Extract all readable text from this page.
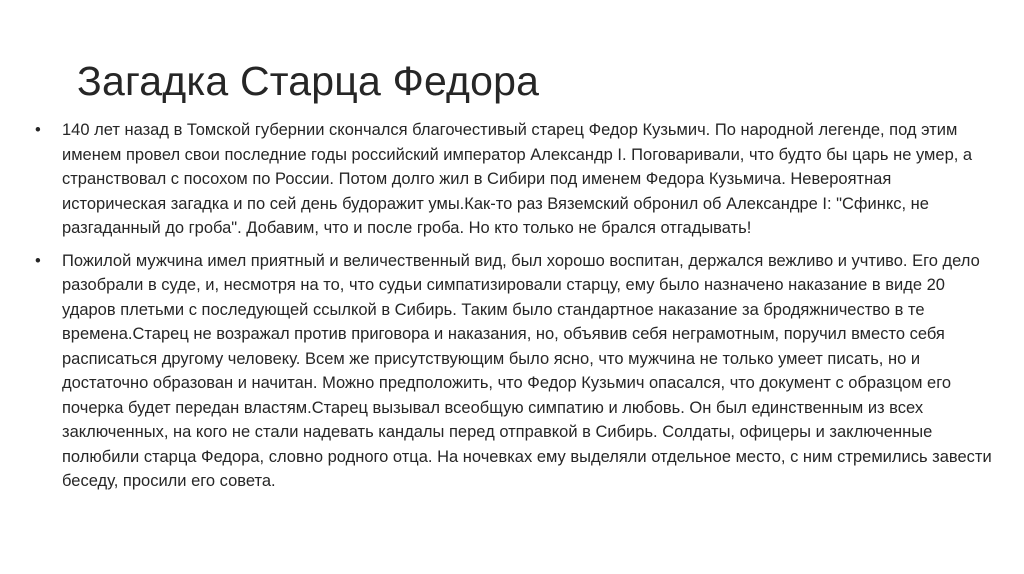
Загадка Старца Федора

• 140 лет назад в Томской губернии скончался благочестивый старец Федор Кузьмич. По народной легенде, под этим именем провел свои последние годы российский император Александр I. Поговаривали, что будто бы царь не умер, а странствовал с посохом по России. Потом долго жил в Сибири под именем Федора Кузьмича. Невероятная историческая загадка и по сей день будоражит умы.Как-то раз Вяземский обронил об Александре I: "Сфинкс, не разгаданный до гроба". Добавим, что и после гроба. Но кто только не брался отгадывать!

• Пожилой мужчина имел приятный и величественный вид, был хорошо воспитан, держался вежливо и учтиво. Его дело разобрали в суде, и, несмотря на то, что судьи симпатизировали старцу, ему было назначено наказание в виде 20 ударов плетьми с последующей ссылкой в Сибирь. Таким было стандартное наказание за бродяжничество в те времена.Старец не возражал против приговора и наказания, но, объявив себя неграмотным, поручил вместо себя расписаться другому человеку. Всем же присутствующим было ясно, что мужчина не только умеет писать, но и достаточно образован и начитан. Можно предположить, что Федор Кузьмич опасался, что документ с образцом его почерка будет передан властям.Старец вызывал всеобщую симпатию и любовь. Он был единственным из всех заключенных, на кого не стали надевать кандалы перед отправкой в Сибирь. Солдаты, офицеры и заключенные полюбили старца Федора, словно родного отца. На ночевках ему выделяли отдельное место, с ним стремились завести беседу, просили его совета.
